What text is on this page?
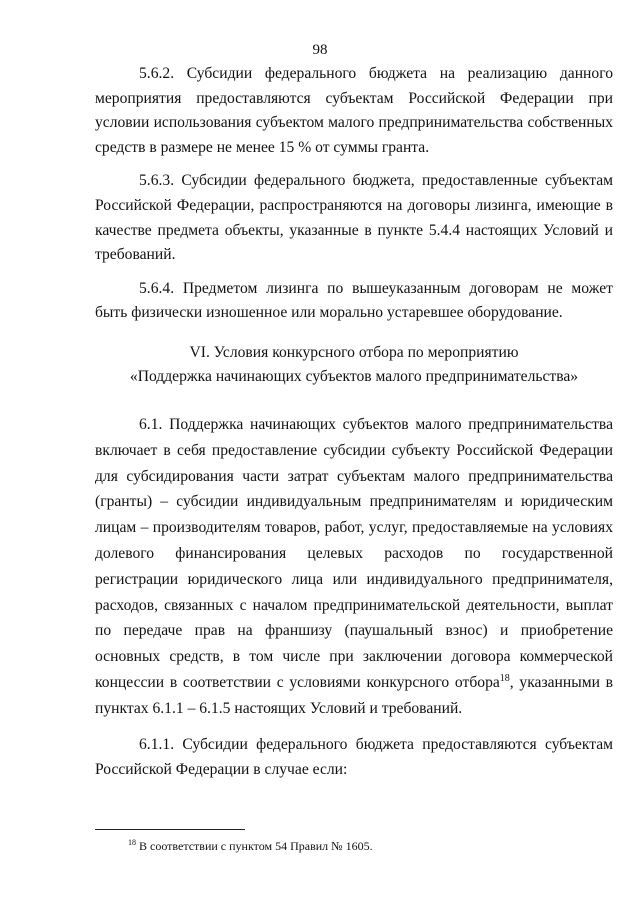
98

5.6.2. Субсидии федерального бюджета на реализацию данного мероприятия предоставляются субъектам Российской Федерации при условии использования субъектом малого предпринимательства собственных средств в размере не менее 15 % от суммы гранта.

5.6.3. Субсидии федерального бюджета, предоставленные субъектам Российской Федерации, распространяются на договоры лизинга, имеющие в качестве предмета объекты, указанные в пункте 5.4.4 настоящих Условий и требований.

5.6.4. Предметом лизинга по вышеуказанным договорам не может быть физически изношенное или морально устаревшее оборудование.

VI. Условия конкурсного отбора по мероприятию
«Поддержка начинающих субъектов малого предпринимательства»

6.1. Поддержка начинающих субъектов малого предпринимательства включает в себя предоставление субсидии субъекту Российской Федерации для субсидирования части затрат субъектам малого предпринимательства (гранты) – субсидии индивидуальным предпринимателям и юридическим лицам – производителям товаров, работ, услуг, предоставляемые на условиях долевого финансирования целевых расходов по государственной регистрации юридического лица или индивидуального предпринимателя, расходов, связанных с началом предпринимательской деятельности, выплат по передаче прав на франшизу (паушальный взнос) и приобретение основных средств, в том числе при заключении договора коммерческой концессии в соответствии с условиями конкурсного отбора$^{18}$, указанными в пунктах 6.1.1 – 6.1.5 настоящих Условий и требований.

6.1.1. Субсидии федерального бюджета предоставляются субъектам Российской Федерации в случае если:

$^{18}$ В соответствии с пунктом 54 Правил № 1605.
